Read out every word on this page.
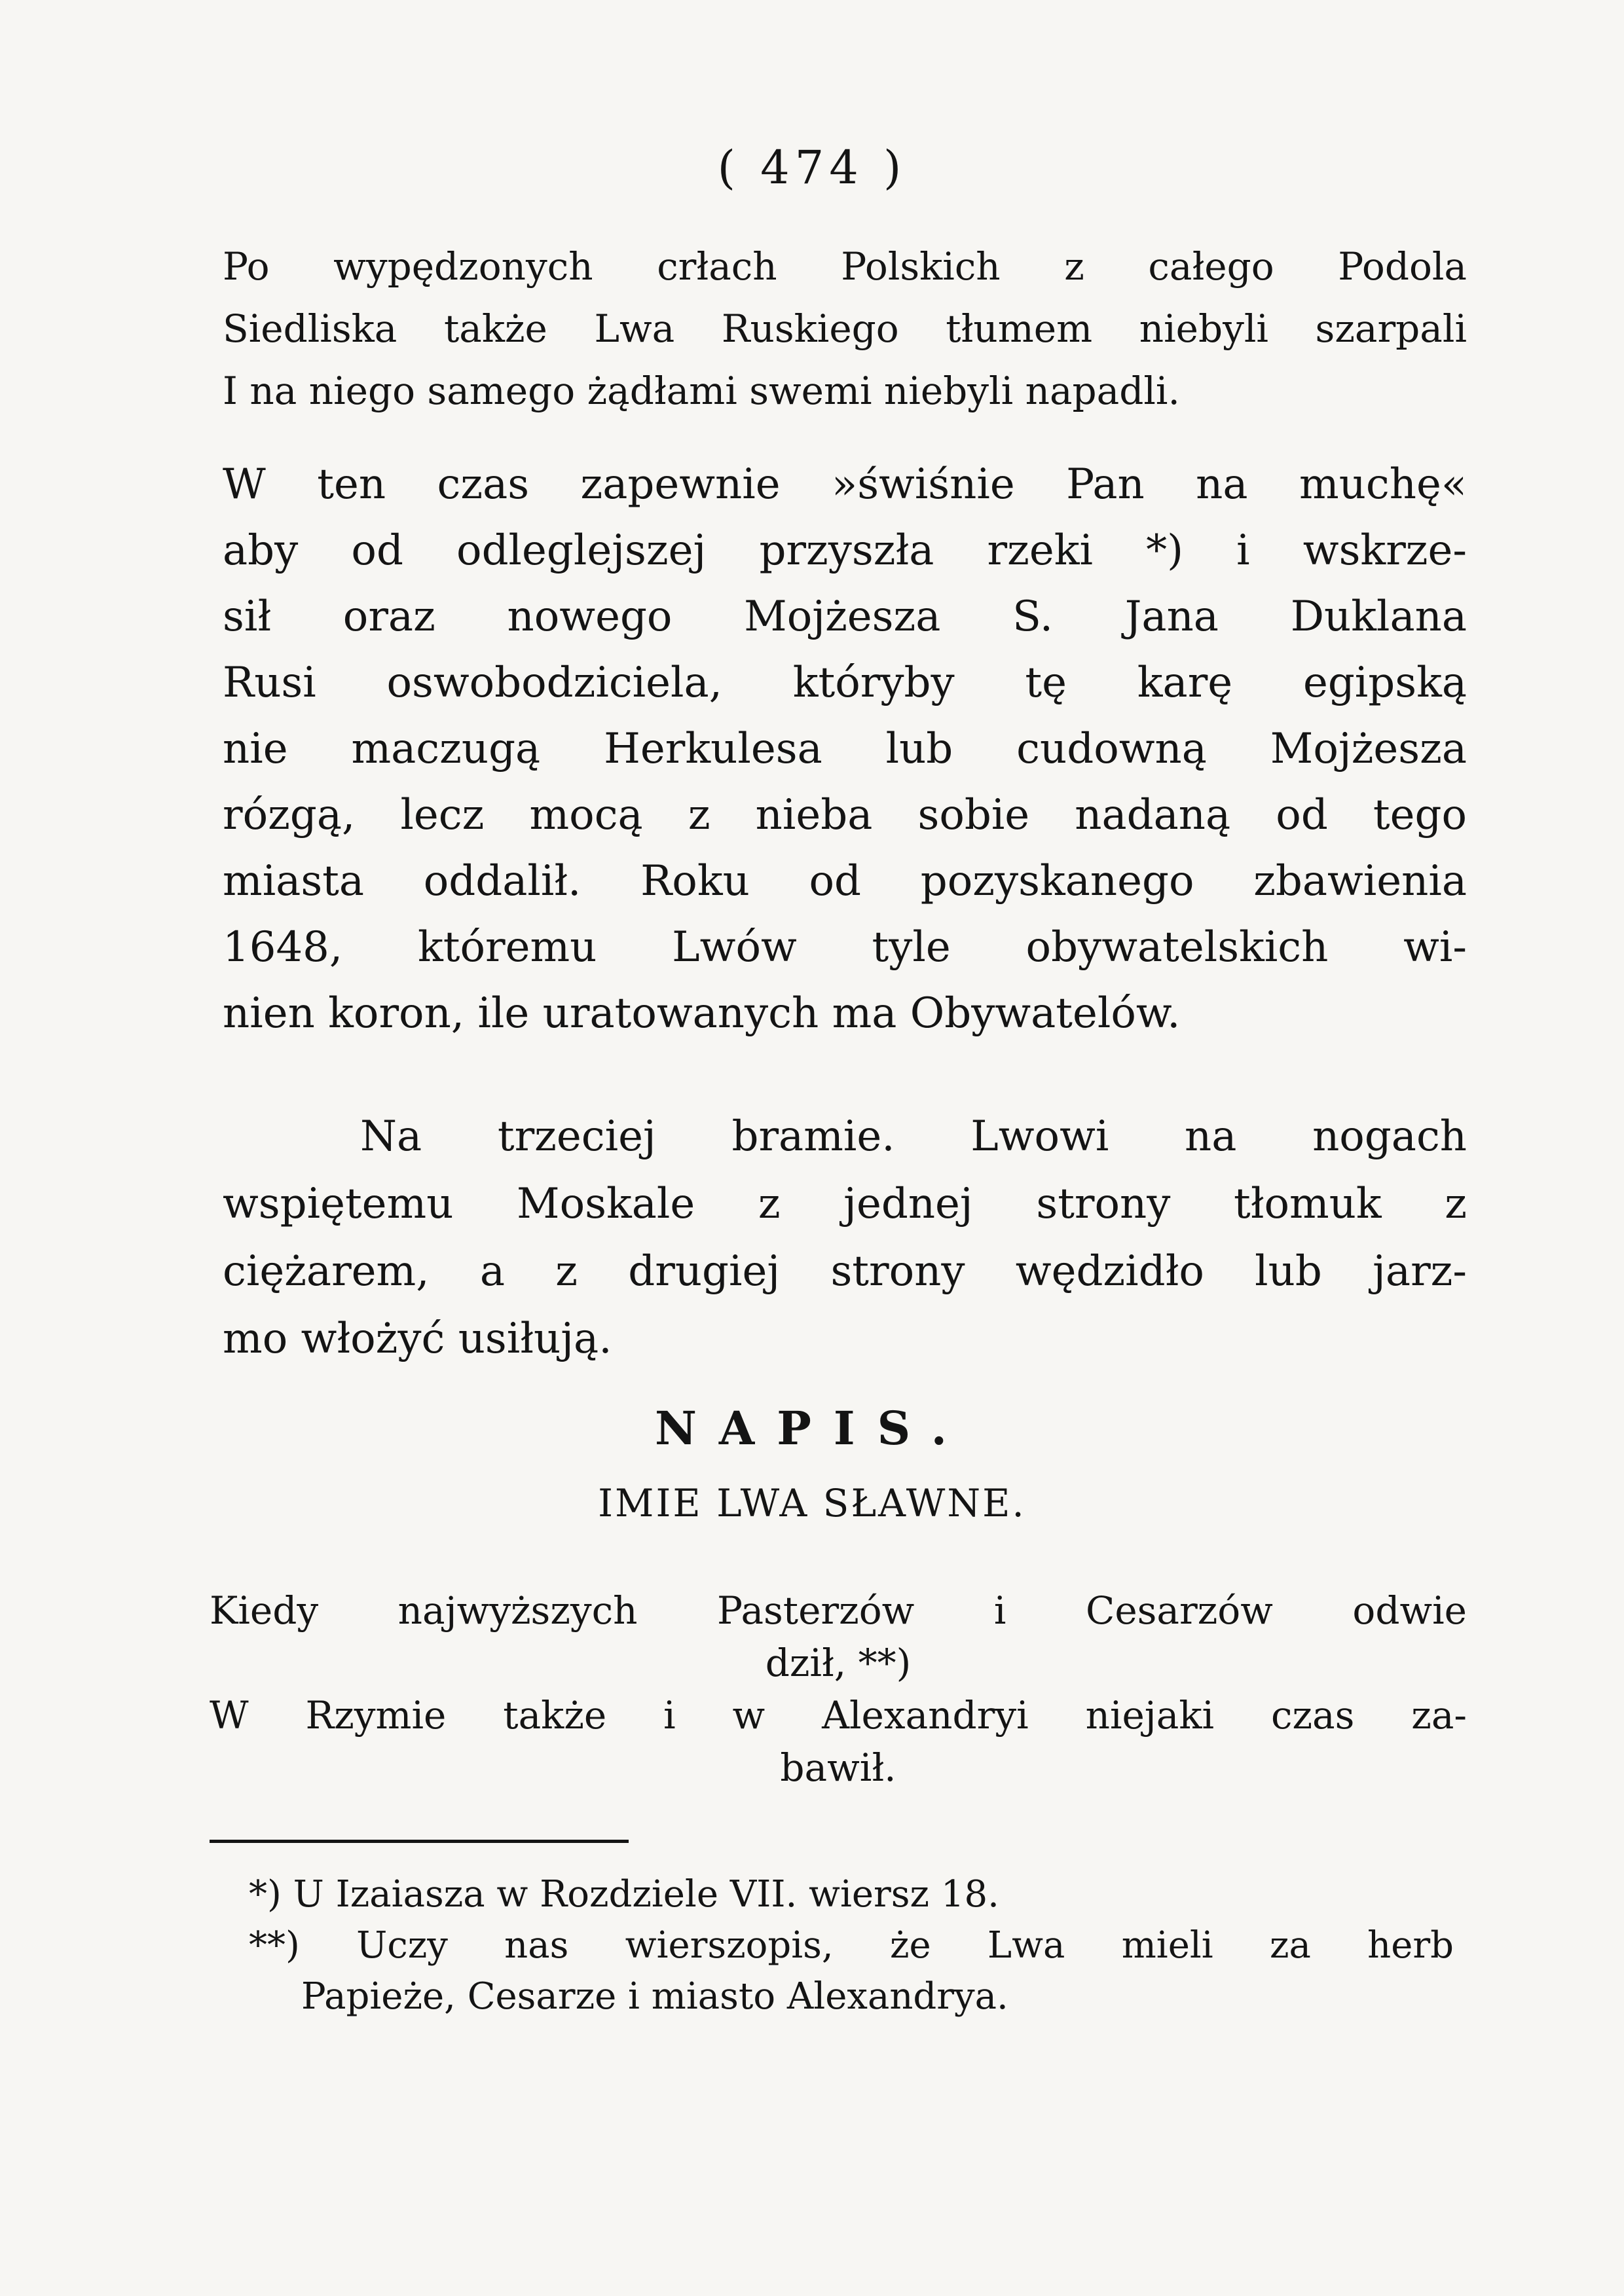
( 474 )
Po wypędzonych crłach Polskich z całego Podola
Siedliska także Lwa Ruskiego tłumem niebyli szarpali
I na niego samego żądłami swemi niebyli napadli.
W ten czas zapewnie »świśnie Pan na muchę«
aby od odleglejszej przyszła rzeki *) i wskrze-
sił oraz nowego Mojżesza S. Jana Duklana
Rusi oswobodziciela, któryby tę karę egipską
nie maczugą Herkulesa lub cudowną Mojżesza
rózgą, lecz mocą z nieba sobie nadaną od tego
miasta oddalił. Roku od pozyskanego zbawienia
1648, któremu Lwów tyle obywatelskich wi-
nien koron, ile uratowanych ma Obywatelów.
Na trzeciej bramie. Lwowi na nogach
wspiętemu Moskale z jednej strony tłomuk z
ciężarem, a z drugiej strony wędzidło lub jarz-
mo włożyć usiłują.
NAPIS.
IMIE LWA SŁAWNE.
Kiedy najwyższych Pasterzów i Cesarzów odwie
dził, **)
W Rzymie także i w Alexandryi niejaki czas za-
bawił.
*) U Izaiasza w Rozdziele VII. wiersz 18.
**) Uczy nas wierszopis, że Lwa mieli za herb
Papieże, Cesarze i miasto Alexandrya.
